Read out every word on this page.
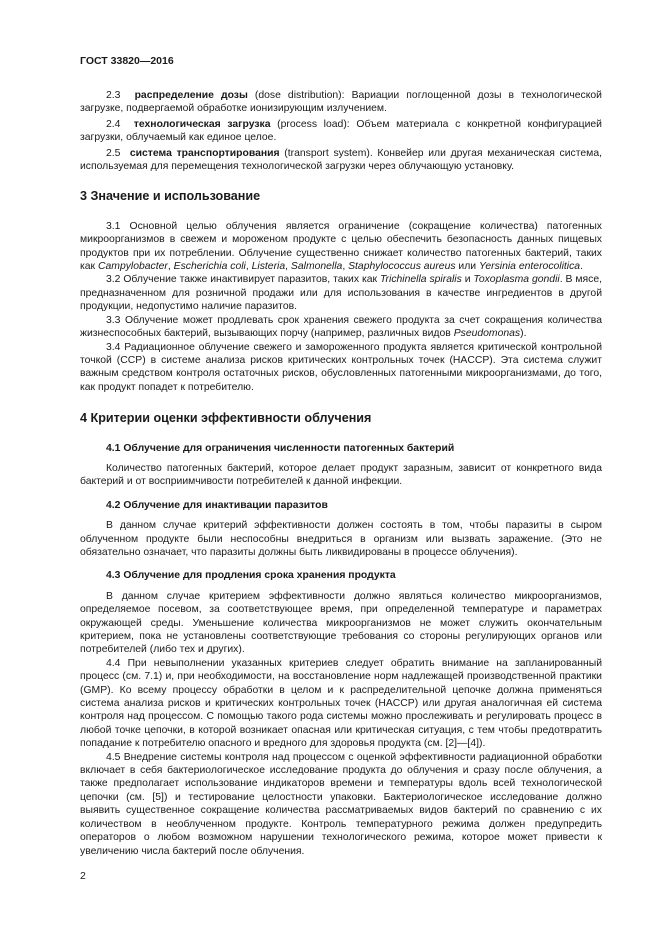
ГОСТ 33820—2016

2.3 распределение дозы (dose distribution): Вариации поглощенной дозы в технологической загрузке, подвергаемой обработке ионизирующим излучением.

2.4 технологическая загрузка (process load): Объем материала с конкретной конфигурацией загрузки, облучаемый как единое целое.

2.5 система транспортирования (transport system). Конвейер или другая механическая система, используемая для перемещения технологической загрузки через облучающую установку.

3 Значение и использование

3.1 Основной целью облучения является ограничение (сокращение количества) патогенных микроорганизмов в свежем и мороженом продукте с целью обеспечить безопасность данных пищевых продуктов при их потреблении. Облучение существенно снижает количество патогенных бактерий, таких как Campylobacter, Escherichia coli, Listeria, Salmonella, Staphylococcus aureus или Yersinia enterocolitica.

3.2 Облучение также инактивирует паразитов, таких как Trichinella spiralis и Toxoplasma gondii. В мясе, предназначенном для розничной продажи или для использования в качестве ингредиентов в другой продукции, недопустимо наличие паразитов.

3.3 Облучение может продлевать срок хранения свежего продукта за счет сокращения количества жизнеспособных бактерий, вызывающих порчу (например, различных видов Pseudomonas).

3.4 Радиационное облучение свежего и замороженного продукта является критической контрольной точкой (CCP) в системе анализа рисков критических контрольных точек (HACCP). Эта система служит важным средством контроля остаточных рисков, обусловленных патогенными микроорганизмами, до того, как продукт попадет к потребителю.

4 Критерии оценки эффективности облучения
4.1 Облучение для ограничения численности патогенных бактерий

Количество патогенных бактерий, которое делает продукт заразным, зависит от конкретного вида бактерий и от восприимчивости потребителей к данной инфекции.

4.2 Облучение для инактивации паразитов

В данном случае критерий эффективности должен состоять в том, чтобы паразиты в сыром облученном продукте были неспособны внедриться в организм или вызвать заражение. (Это не обязательно означает, что паразиты должны быть ликвидированы в процессе облучения).

4.3 Облучение для продления срока хранения продукта

В данном случае критерием эффективности должно являться количество микроорганизмов, определяемое посевом, за соответствующее время, при определенной температуре и параметрах окружающей среды. Уменьшение количества микроорганизмов не может служить окончательным критерием, пока не установлены соответствующие требования со стороны регулирующих органов или потребителей (либо тех и других).

4.4 При невыполнении указанных критериев следует обратить внимание на запланированный процесс (см. 7.1) и, при необходимости, на восстановление норм надлежащей производственной практики (GMP). Ко всему процессу обработки в целом и к распределительной цепочке должна применяться система анализа рисков и критических контрольных точек (HACCP) или другая аналогичная ей система контроля над процессом. С помощью такого рода системы можно прослеживать и регулировать процесс в любой точке цепочки, в которой возникает опасная или критическая ситуация, с тем чтобы предотвратить попадание к потребителю опасного и вредного для здоровья продукта (см. [2]—[4]).

4.5 Внедрение системы контроля над процессом с оценкой эффективности радиационной обработки включает в себя бактериологическое исследование продукта до облучения и сразу после облучения, а также предполагает использование индикаторов времени и температуры вдоль всей технологической цепочки (см. [5]) и тестирование целостности упаковки. Бактериологическое исследование должно выявить существенное сокращение количества рассматриваемых видов бактерий по сравнению с их количеством в необлученном продукте. Контроль температурного режима должен предупредить операторов о любом возможном нарушении технологического режима, которое может привести к увеличению числа бактерий после облучения.

2
